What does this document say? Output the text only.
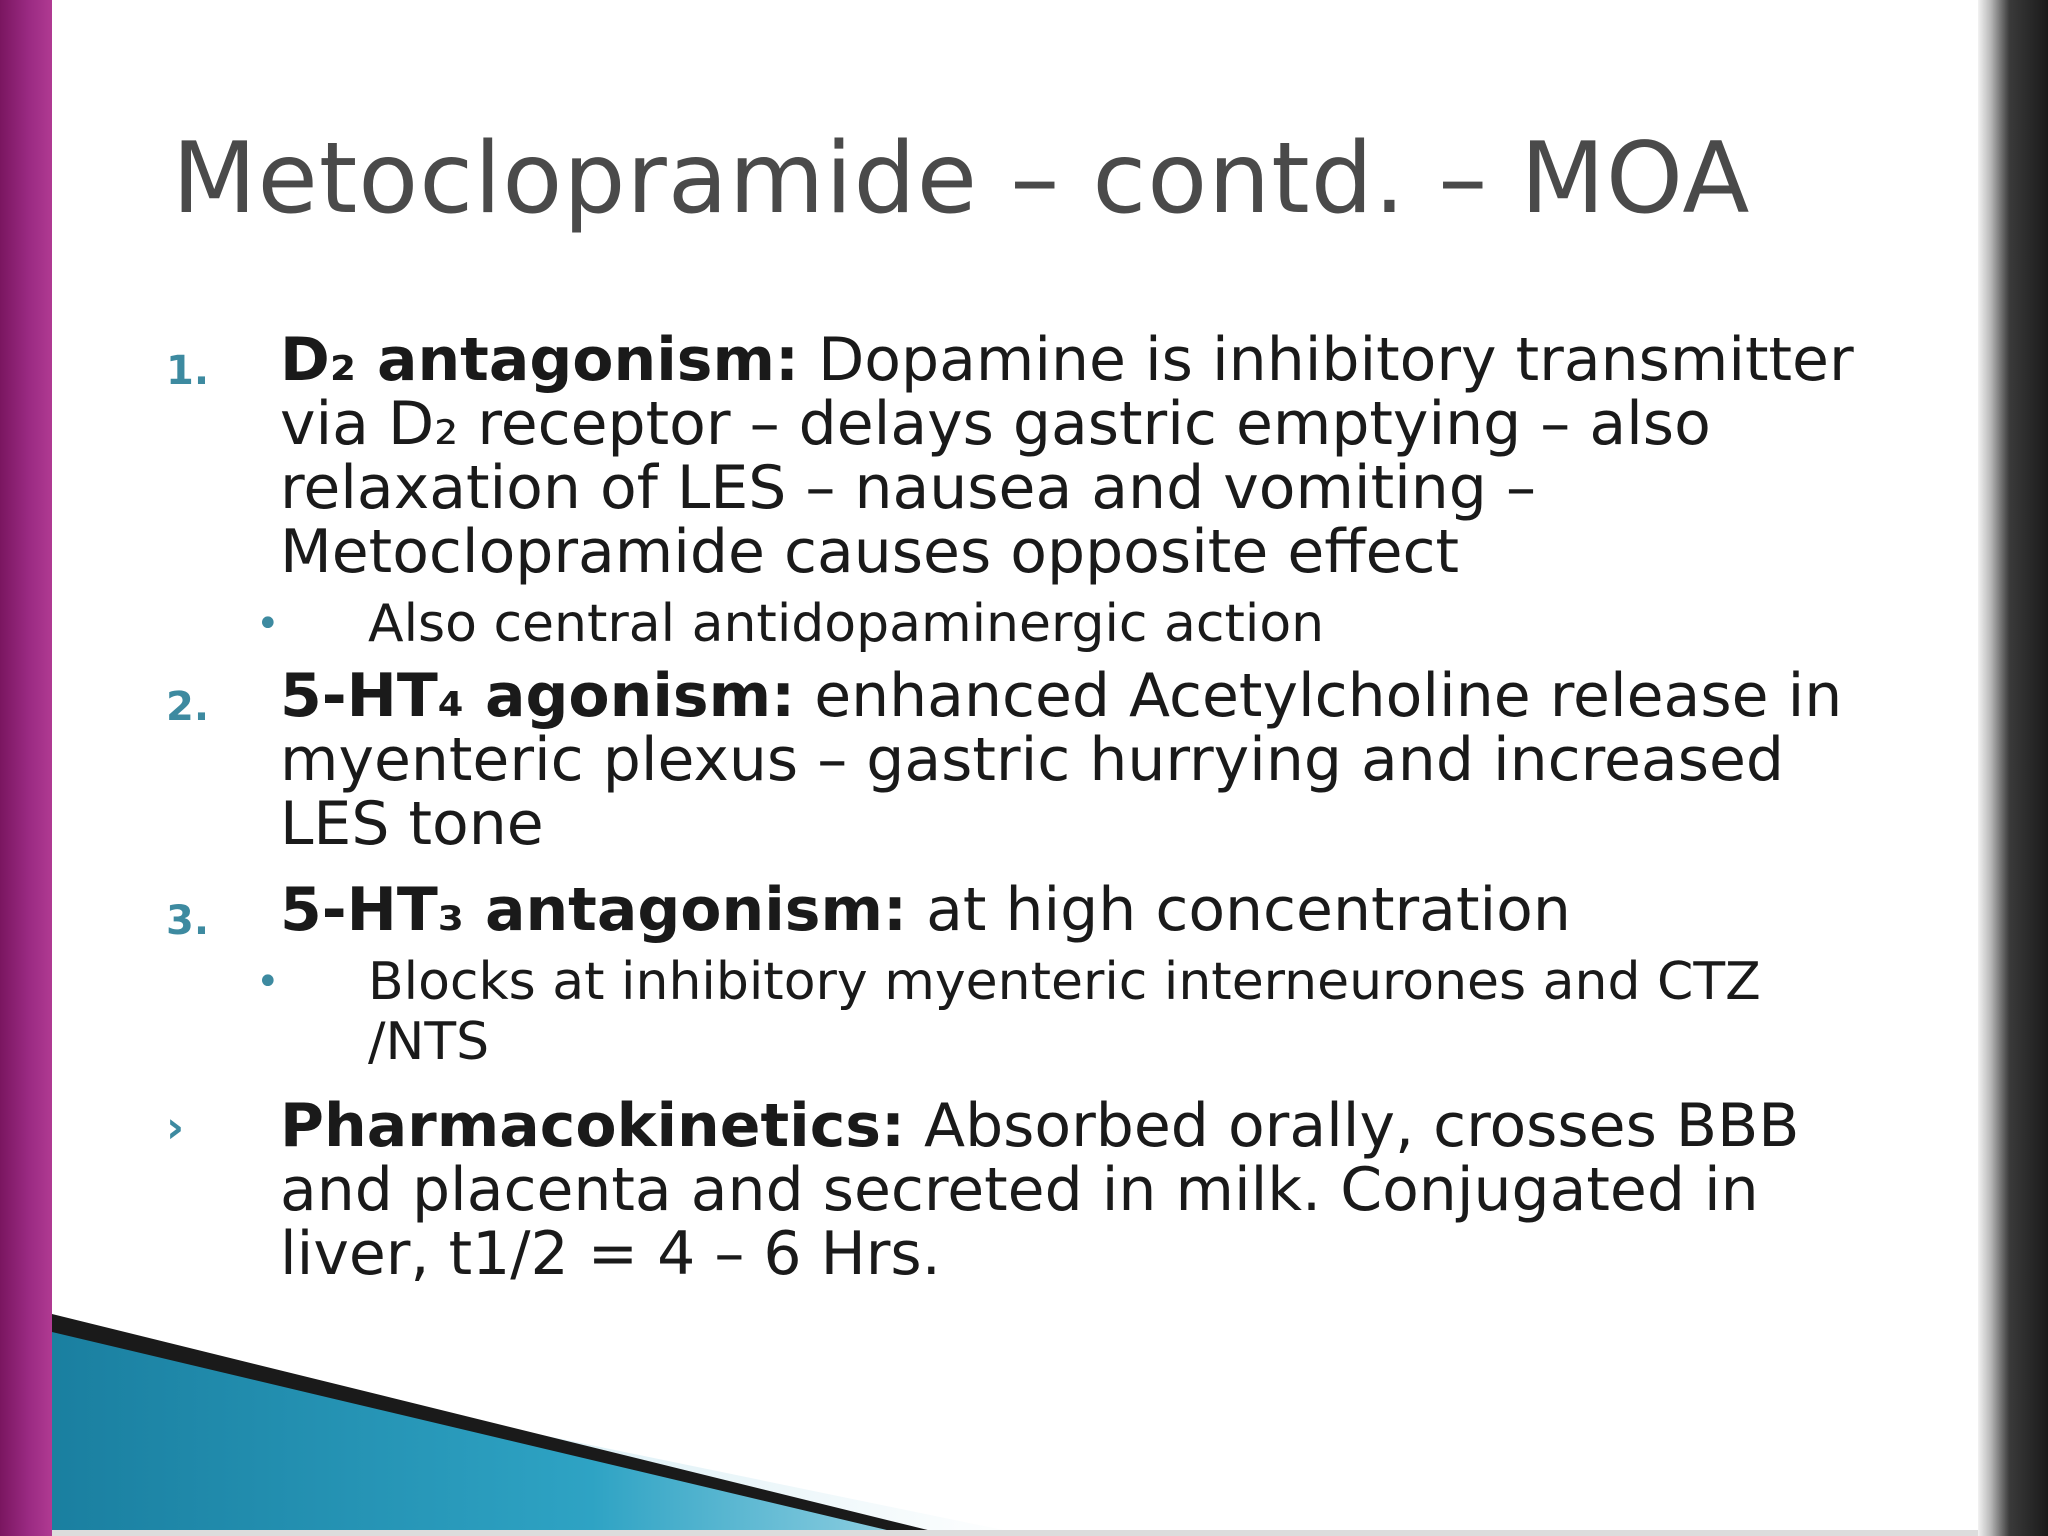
Metoclopramide – contd. – MOA
1. D₂ antagonism: Dopamine is inhibitory transmitter via D₂ receptor – delays gastric emptying – also relaxation of LES – nausea and vomiting – Metoclopramide causes opposite effect
• Also central antidopaminergic action
2. 5-HT₄ agonism: enhanced Acetylcholine release in myenteric plexus – gastric hurrying and increased LES tone
3. 5-HT₃ antagonism: at high concentration
• Blocks at inhibitory myenteric interneurones and CTZ /NTS
› Pharmacokinetics: Absorbed orally, crosses BBB and placenta and secreted in milk. Conjugated in liver, t1/2 = 4 – 6 Hrs.
